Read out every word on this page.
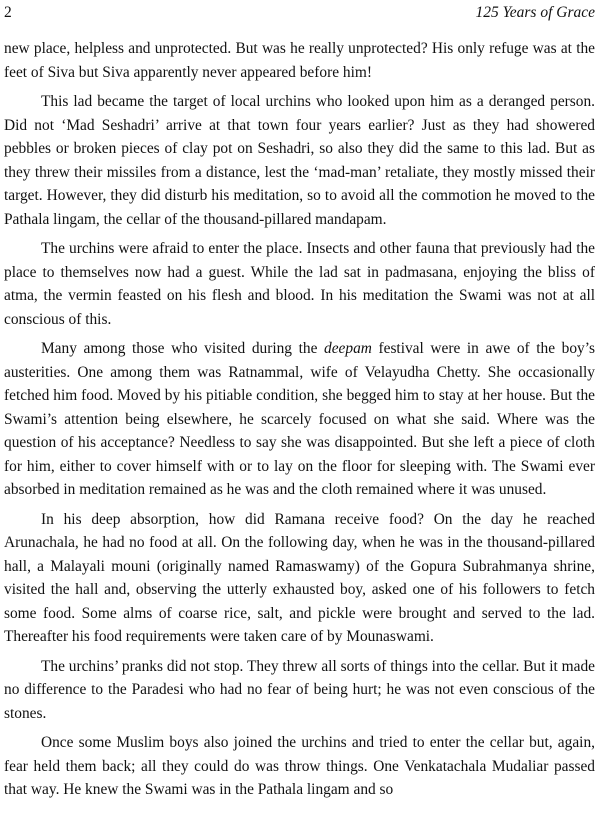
2	125 Years of Grace

new place, helpless and unprotected. But was he really unprotected? His only refuge was at the feet of Siva but Siva apparently never appeared before him!

This lad became the target of local urchins who looked upon him as a deranged person. Did not ‘Mad Seshadri’ arrive at that town four years earlier? Just as they had showered pebbles or broken pieces of clay pot on Seshadri, so also they did the same to this lad. But as they threw their missiles from a distance, lest the ‘mad-man’ retaliate, they mostly missed their target. However, they did disturb his meditation, so to avoid all the commotion he moved to the Pathala lingam, the cellar of the thousand-pillared mandapam.

The urchins were afraid to enter the place. Insects and other fauna that previously had the place to themselves now had a guest. While the lad sat in padmasana, enjoying the bliss of atma, the vermin feasted on his flesh and blood. In his meditation the Swami was not at all conscious of this.

Many among those who visited during the deepam festival were in awe of the boy’s austerities. One among them was Ratnammal, wife of Velayudha Chetty. She occasionally fetched him food. Moved by his pitiable condition, she begged him to stay at her house. But the Swami’s attention being elsewhere, he scarcely focused on what she said. Where was the question of his acceptance? Needless to say she was disappointed. But she left a piece of cloth for him, either to cover himself with or to lay on the floor for sleeping with. The Swami ever absorbed in meditation remained as he was and the cloth remained where it was unused.

In his deep absorption, how did Ramana receive food? On the day he reached Arunachala, he had no food at all. On the following day, when he was in the thousand-pillared hall, a Malayali mouni (originally named Ramaswamy) of the Gopura Subrahmanya shrine, visited the hall and, observing the utterly exhausted boy, asked one of his followers to fetch some food. Some alms of coarse rice, salt, and pickle were brought and served to the lad. Thereafter his food requirements were taken care of by Mounaswami.

The urchins’ pranks did not stop. They threw all sorts of things into the cellar. But it made no difference to the Paradesi who had no fear of being hurt; he was not even conscious of the stones.

Once some Muslim boys also joined the urchins and tried to enter the cellar but, again, fear held them back; all they could do was throw things. One Venkatachala Mudaliar passed that way. He knew the Swami was in the Pathala lingam and so
